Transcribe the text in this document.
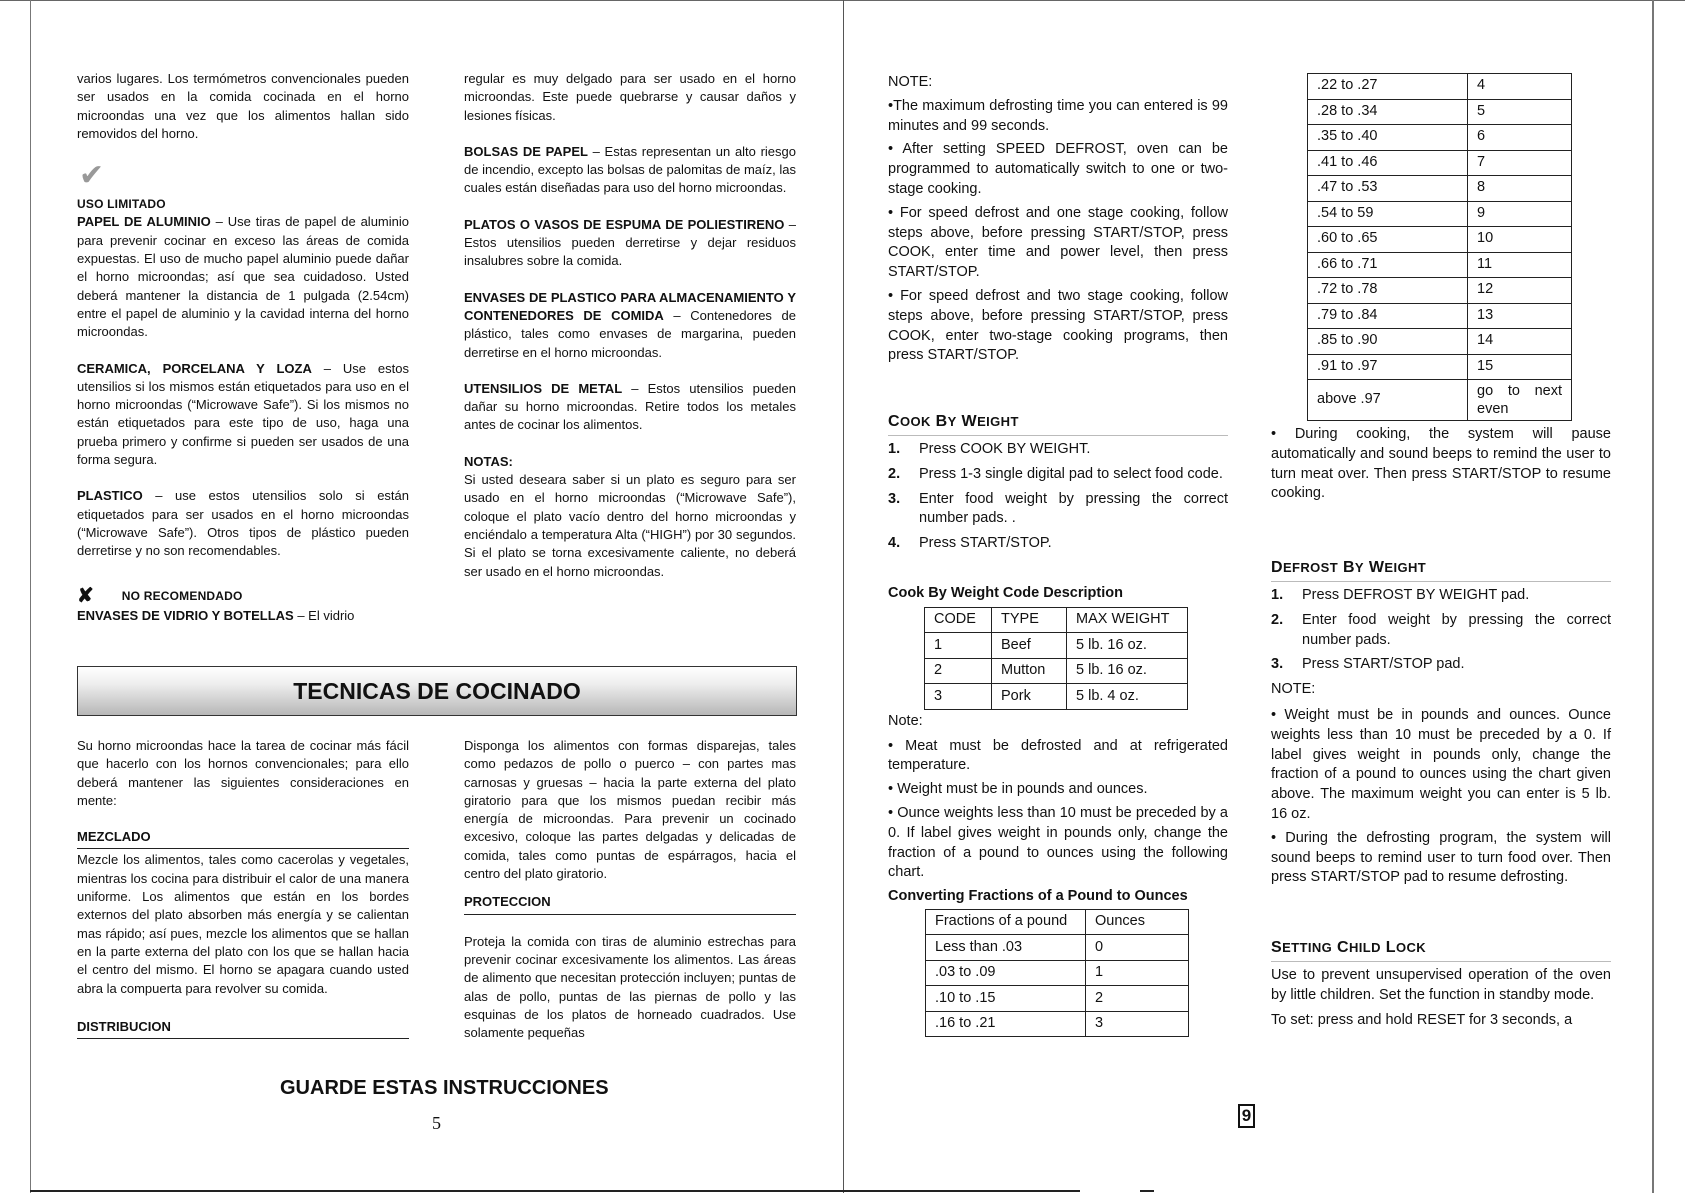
varios lugares. Los termómetros convencionales pueden ser usados en la comida cocinada en el horno microondas una vez que los alimentos hallan sido removidos del horno.

✔
USO LIMITADO

PAPEL DE ALUMINIO – Use tiras de papel de aluminio para prevenir cocinar en exceso las áreas de comida expuestas. El uso de mucho papel aluminio puede dañar el horno microondas; así que sea cuidadoso. Usted deberá mantener la distancia de 1 pulgada (2.54cm) entre el papel de aluminio y la cavidad interna del horno microondas.

CERAMICA, PORCELANA Y LOZA – Use estos utensilios si los mismos están etiquetados para uso en el horno microondas (“Microwave Safe”). Si los mismos no están etiquetados para este tipo de uso, haga una prueba primero y confirme si pueden ser usados de una forma segura.

PLASTICO – use estos utensilios solo si están etiquetados para ser usados en el horno microondas (“Microwave Safe”). Otros tipos de plástico pueden derretirse y no son recomendables.

✘ NO RECOMENDADO
ENVASES DE VIDRIO Y BOTELLAS – El vidrio

regular es muy delgado para ser usado en el horno microondas. Este puede quebrarse y causar daños y lesiones físicas.

BOLSAS DE PAPEL – Estas representan un alto riesgo de incendio, excepto las bolsas de palomitas de maíz, las cuales están diseñadas para uso del horno microondas.

PLATOS O VASOS DE ESPUMA DE POLIESTIRENO – Estos utensilios pueden derretirse y dejar residuos insalubres sobre la comida.

ENVASES DE PLASTICO PARA ALMACENAMIENTO Y CONTENEDORES DE COMIDA – Contenedores de plástico, tales como envases de margarina, pueden derretirse en el horno microondas.

UTENSILIOS DE METAL – Estos utensilios pueden dañar su horno microondas. Retire todos los metales antes de cocinar los alimentos.

NOTAS:
Si usted deseara saber si un plato es seguro para ser usado en el horno microondas (“Microwave Safe”), coloque el plato vacío dentro del horno microondas y enciéndalo a temperatura Alta (“HIGH”) por 30 segundos. Si el plato se torna excesivamente caliente, no deberá ser usado en el horno microondas.
TECNICAS DE COCINADO

Su horno microondas hace la tarea de cocinar más fácil que hacerlo con los hornos convencionales; para ello deberá mantener las siguientes consideraciones en mente:

MEZCLADO

Mezcle los alimentos, tales como cacerolas y vegetales, mientras los cocina para distribuir el calor de una manera uniforme. Los alimentos que están en los bordes externos del plato absorben más energía y se calientan mas rápido; así pues, mezcle los alimentos que se hallan en la parte externa del plato con los que se hallan hacia el centro del mismo. El horno se apagara cuando usted abra la compuerta para revolver su comida.

DISTRIBUCION

Disponga los alimentos con formas disparejas, tales como pedazos de pollo o puerco – con partes mas carnosas y gruesas – hacia la parte externa del plato giratorio para que los mismos puedan recibir más energía de microondas. Para prevenir un cocinado excesivo, coloque las partes delgadas y delicadas de comida, tales como puntas de espárragos, hacia el centro del plato giratorio.

PROTECCION
Proteja la comida con tiras de aluminio estrechas para prevenir cocinar excesivamente los alimentos. Las áreas de alimento que necesitan protección incluyen; puntas de alas de pollo, puntas de las piernas de pollo y las esquinas de los platos de horneado cuadrados. Use solamente pequeñas
GUARDE ESTAS INSTRUCCIONES
5
NOTE:
•The maximum defrosting time you can entered is 99 minutes and 99 seconds.
• After setting SPEED DEFROST, oven can be programmed to automatically switch to one or two-stage cooking.
• For speed defrost and one stage cooking, follow steps above, before pressing START/STOP, press COOK, enter time and power level, then press START/STOP.
• For speed defrost and two stage cooking, follow steps above, before pressing START/STOP, press COOK, enter two-stage cooking programs, then press START/STOP.
COOK BY WEIGHT
1.	Press COOK BY WEIGHT.
2.	Press 1-3 single digital pad to select food code.
3.	Enter food weight by pressing the correct number pads. .
4.	Press START/STOP.
Cook By Weight Code Description
CODE	TYPE	MAX WEIGHT
1	Beef	5 lb. 16 oz.
2	Mutton	5 lb. 16 oz.
3	Pork	5 lb. 4 oz.
Note:
• Meat must be defrosted and at refrigerated temperature.
• Weight must be in pounds and ounces.
• Ounce weights less than 10 must be preceded by a 0. If label gives weight in pounds only, change the fraction of a pound to ounces using the following chart.
Converting Fractions of a Pound to Ounces
Fractions of a pound	Ounces
Less than .03	0
.03 to .09	1
.10 to .15	2
.16 to .21	3
.22 to .27	4
.28 to .34	5
.35 to .40	6
.41 to .46	7
.47 to .53	8
.54 to 59	9
.60 to .65	10
.66 to .71	11
.72 to .78	12
.79 to .84	13
.85 to .90	14
.91 to .97	15
above .97	go to next even
• During cooking, the system will pause automatically and sound beeps to remind the user to turn meat over. Then press START/STOP to resume cooking.
DEFROST BY WEIGHT
1.	Press DEFROST BY WEIGHT pad.
2.	Enter food weight by pressing the correct number pads.
3.	Press START/STOP pad.
NOTE:
• Weight must be in pounds and ounces. Ounce weights less than 10 must be preceded by a 0. If label gives weight in pounds only, change the fraction of a pound to ounces using the chart given above. The maximum weight you can enter is 5 lb. 16 oz.
• During the defrosting program, the system will sound beeps to remind user to turn food over. Then press START/STOP pad to resume defrosting.
SETTING CHILD LOCK
Use to prevent unsupervised operation of the oven by little children. Set the function in standby mode.
To set: press and hold RESET for 3 seconds, a
9
